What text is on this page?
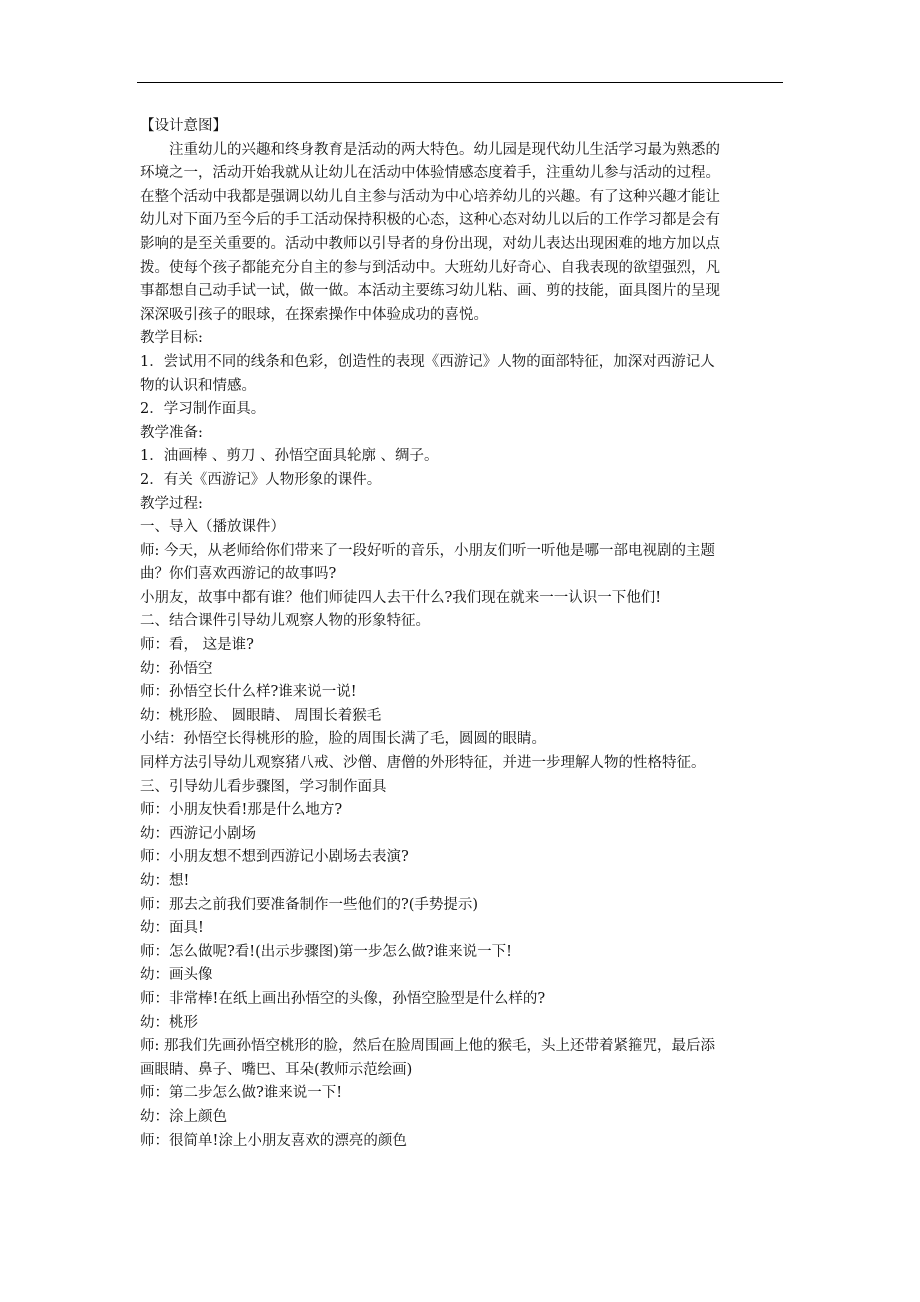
【设计意图】
注重幼儿的兴趣和终身教育是活动的两大特色。幼儿园是现代幼儿生活学习最为熟悉的
环境之一，活动开始我就从让幼儿在活动中体验情感态度着手，注重幼儿参与活动的过程。
在整个活动中我都是强调以幼儿自主参与活动为中心培养幼儿的兴趣。有了这种兴趣才能让
幼儿对下面乃至今后的手工活动保持积极的心态，这种心态对幼儿以后的工作学习都是会有
影响的是至关重要的。活动中教师以引导者的身份出现，对幼儿表达出现困难的地方加以点
拨。使每个孩子都能充分自主的参与到活动中。大班幼儿好奇心、自我表现的欲望强烈，凡
事都想自己动手试一试，做一做。本活动主要练习幼儿粘、画、剪的技能，面具图片的呈现
深深吸引孩子的眼球，在探索操作中体验成功的喜悦。
教学目标:
1．尝试用不同的线条和色彩，创造性的表现《西游记》人物的面部特征，加深对西游记人
物的认识和情感。
2．学习制作面具。
教学准备:
1．油画棒 、剪刀 、孙悟空面具轮廓 、绸子。
2．有关《西游记》人物形象的课件。
教学过程:
一、导入（播放课件）
师: 今天，从老师给你们带来了一段好听的音乐，小朋友们听一听他是哪一部电视剧的主题
曲？你们喜欢西游记的故事吗?
小朋友，故事中都有谁？他们师徒四人去干什么?我们现在就来一一认识一下他们!
二、结合课件引导幼儿观察人物的形象特征。
师：看， 这是谁?
幼：孙悟空
师：孙悟空长什么样?谁来说一说!
幼：桃形脸、 圆眼睛、 周围长着猴毛
小结：孙悟空长得桃形的脸，脸的周围长满了毛，圆圆的眼睛。
同样方法引导幼儿观察猪八戒、沙僧、唐僧的外形特征，并进一步理解人物的性格特征。
三、引导幼儿看步骤图，学习制作面具
师：小朋友快看!那是什么地方?
幼：西游记小剧场
师：小朋友想不想到西游记小剧场去表演?
幼：想!
师：那去之前我们要准备制作一些他们的?(手势提示)
幼：面具!
师：怎么做呢?看!(出示步骤图)第一步怎么做?谁来说一下!
幼：画头像
师：非常棒!在纸上画出孙悟空的头像，孙悟空脸型是什么样的?
幼：桃形
师: 那我们先画孙悟空桃形的脸，然后在脸周围画上他的猴毛，头上还带着紧箍咒，最后添
画眼睛、鼻子、嘴巴、耳朵(教师示范绘画)
师：第二步怎么做?谁来说一下!
幼：涂上颜色
师：很简单!涂上小朋友喜欢的漂亮的颜色
